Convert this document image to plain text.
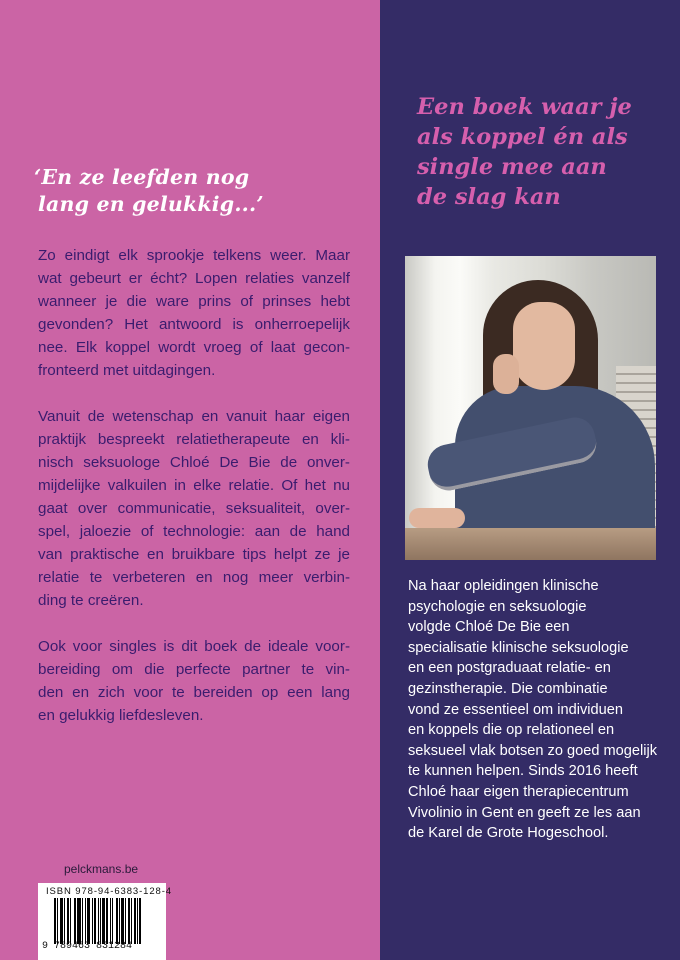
‘En ze leefden nog
lang en gelukkig...’

Zo eindigt elk sprookje telkens weer. Maar
wat gebeurt er écht? Lopen relaties vanzelf
wanneer je die ware prins of prinses hebt
gevonden? Het antwoord is onherroepelijk
nee. Elk koppel wordt vroeg of laat gecon-
fronteerd met uitdagingen.

Vanuit de wetenschap en vanuit haar eigen
praktijk bespreekt relatietherapeute en kli-
nisch seksuologe Chloé De Bie de onver-
mijdelijke valkuilen in elke relatie. Of het nu
gaat over communicatie, seksualiteit, over-
spel, jaloezie of technologie: aan de hand
van praktische en bruikbare tips helpt ze je
relatie te verbeteren en nog meer verbin-
ding te creëren.

Ook voor singles is dit boek de ideale voor-
bereiding om die perfecte partner te vin-
den en zich voor te bereiden op een lang
en gelukkig liefdesleven.

pelckmans.be
ISBN 978-94-6383-128-4
9 789463 831284
Een boek waar je
als koppel én als
single mee aan
de slag kan
Na haar opleidingen klinische
psychologie en seksuologie
volgde Chloé De Bie een
specialisatie klinische seksuologie
en een postgraduaat relatie- en
gezinstherapie. Die combinatie
vond ze essentieel om individuen
en koppels die op relationeel en
seksueel vlak botsen zo goed mogelijk
te kunnen helpen. Sinds 2016 heeft
Chloé haar eigen therapiecentrum
Vivolinio in Gent en geeft ze les aan
de Karel de Grote Hogeschool.
